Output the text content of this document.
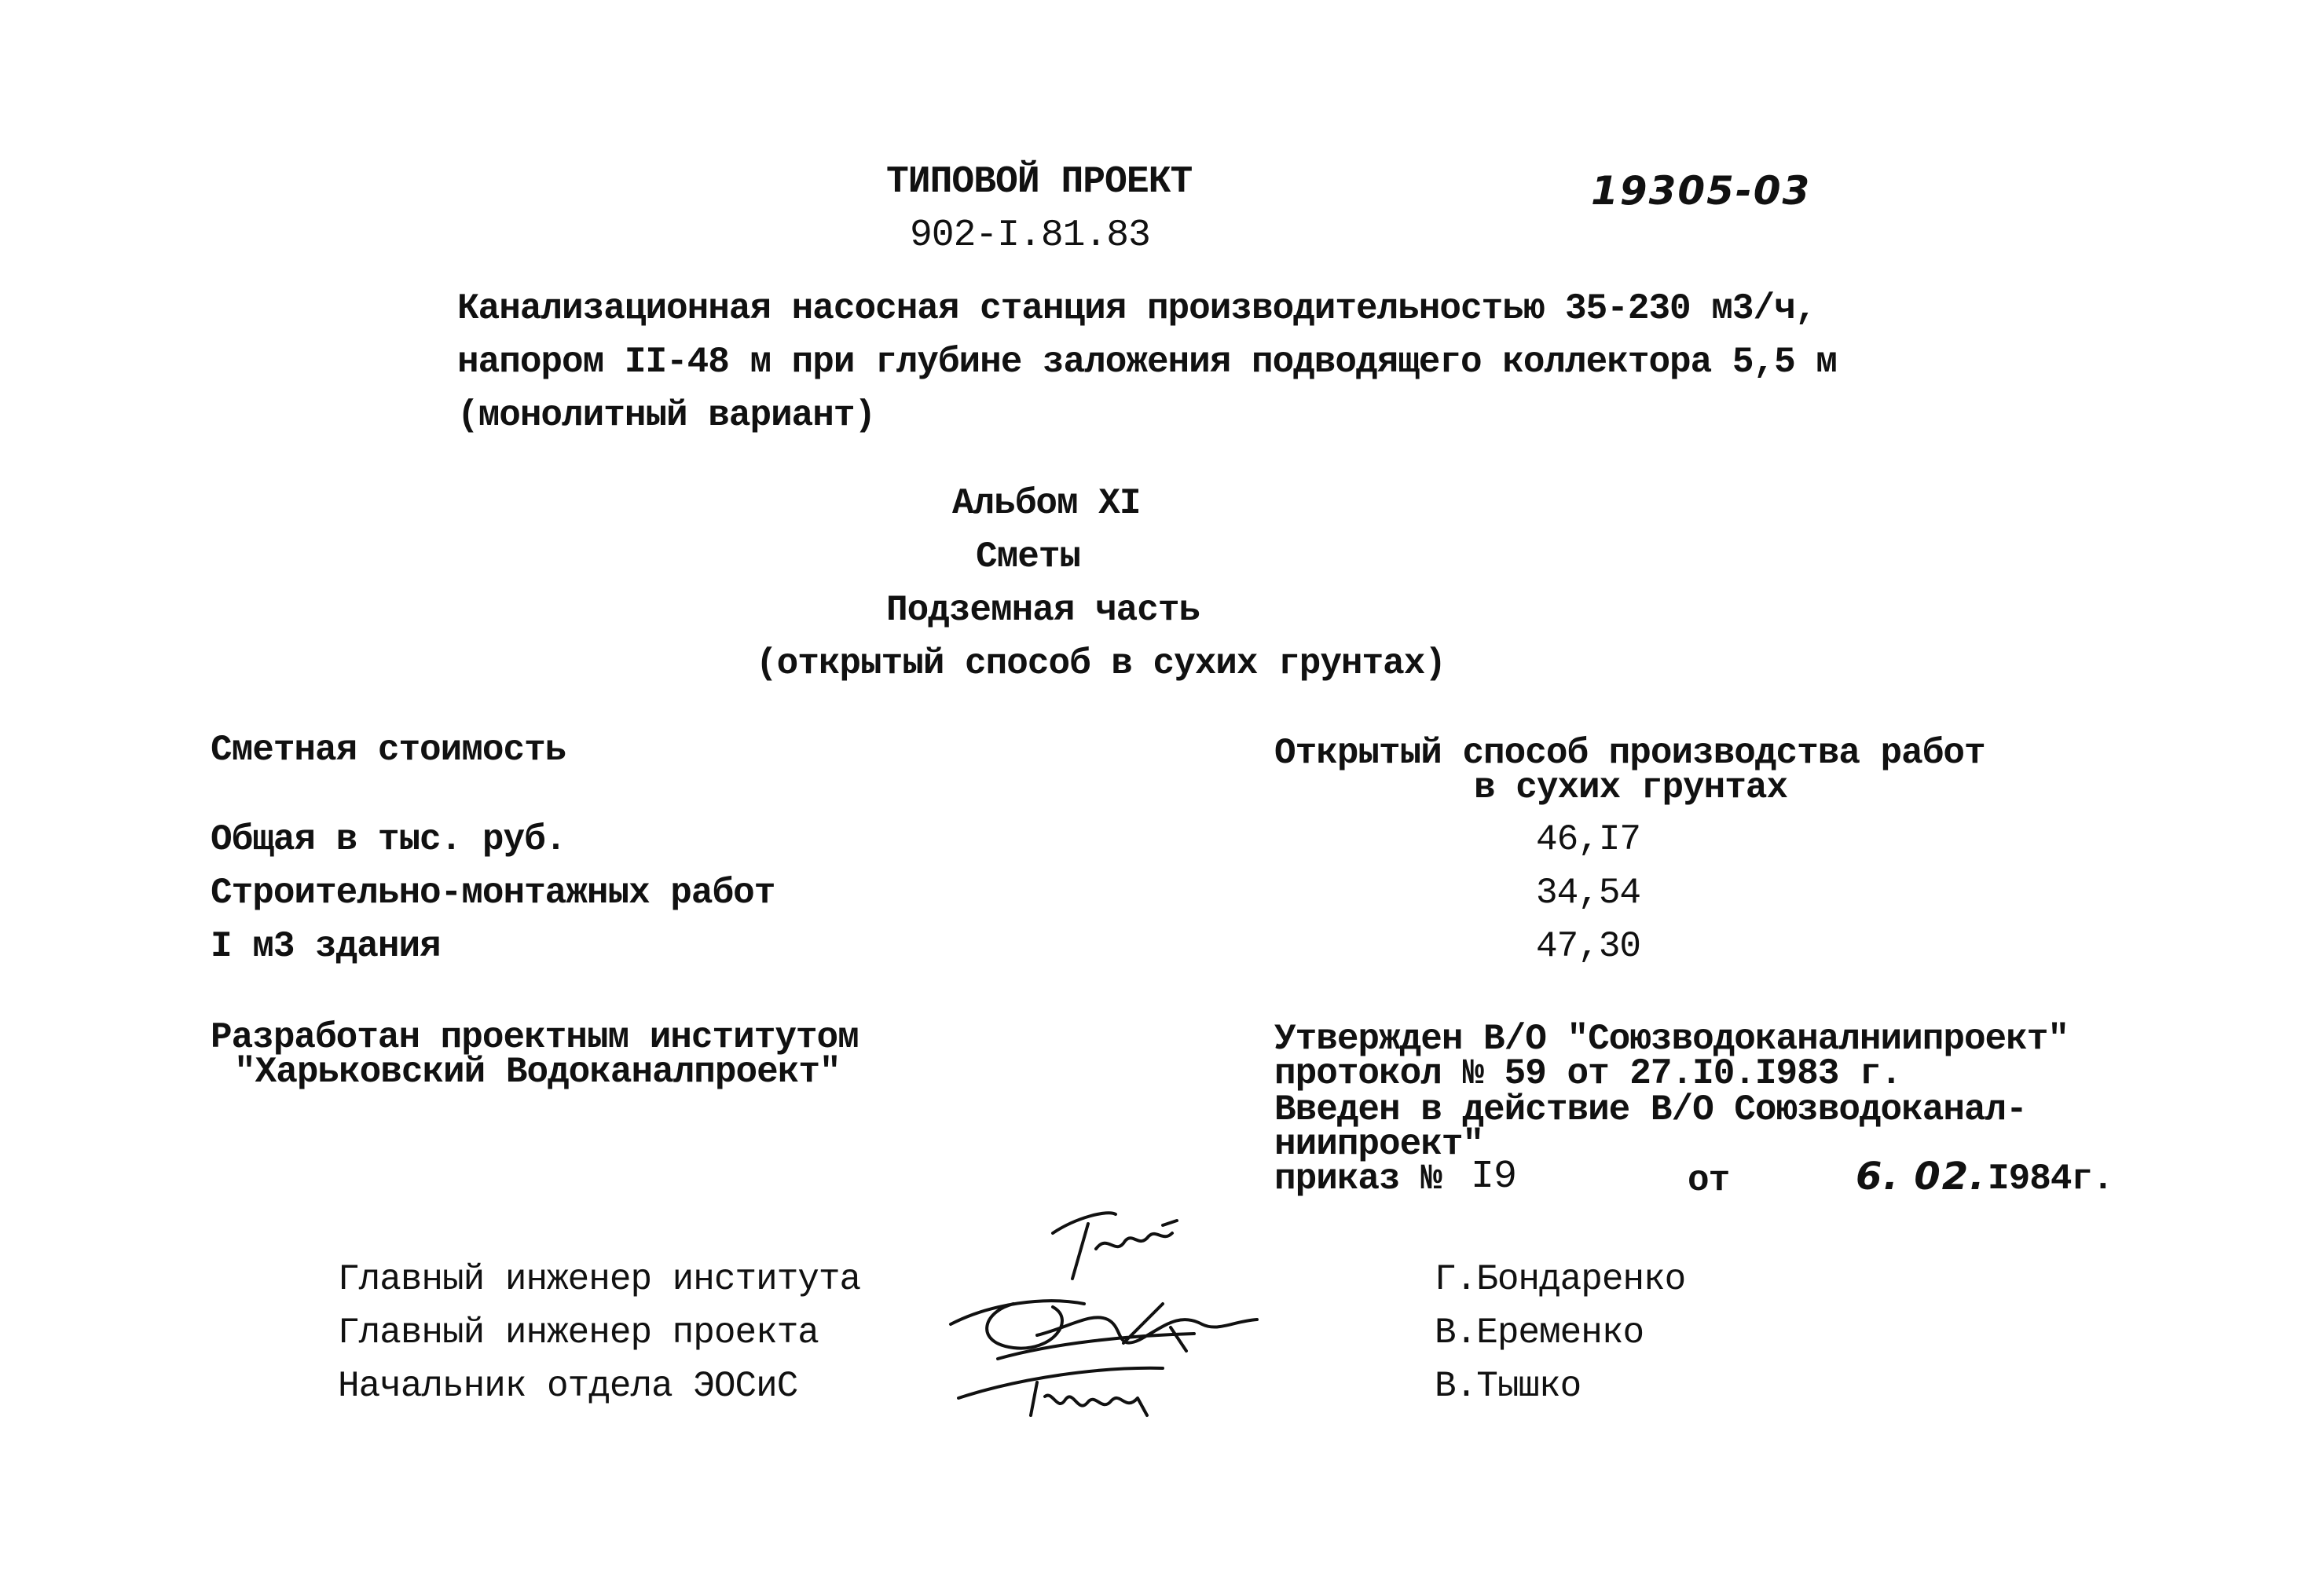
ТИПОВОЙ ПРОЕКТ
902-I.81.83
19305-03
Канализационная насосная станция производительностью 35-230 м3/ч,
напором II-48 м при глубине заложения подводящего коллектора 5,5 м
(монолитный вариант)
Альбом XI
Сметы
Подземная часть
(открытый способ в сухих грунтах)
Сметная стоимость	Открытый способ производства работ
в сухих грунтах
Общая в тыс. руб.	46,I7
Строительно-монтажных работ	34,54
I м3 здания	47,30
Разработан проектным институтом
"Харьковский Водоканалпроект"
Утвержден В/О "Союзводоканалниипроект"
протокол № 59 от 27.I0.I983 г.
Введен в действие В/О Союзводоканал-
ниипроект"
приказ № I9	от	6. 02. I984г.
Главный инженер института	Г.Бондаренко
Главный инженер проекта	В.Еременко
Начальник отдела ЭОСиС	В.Тышко
